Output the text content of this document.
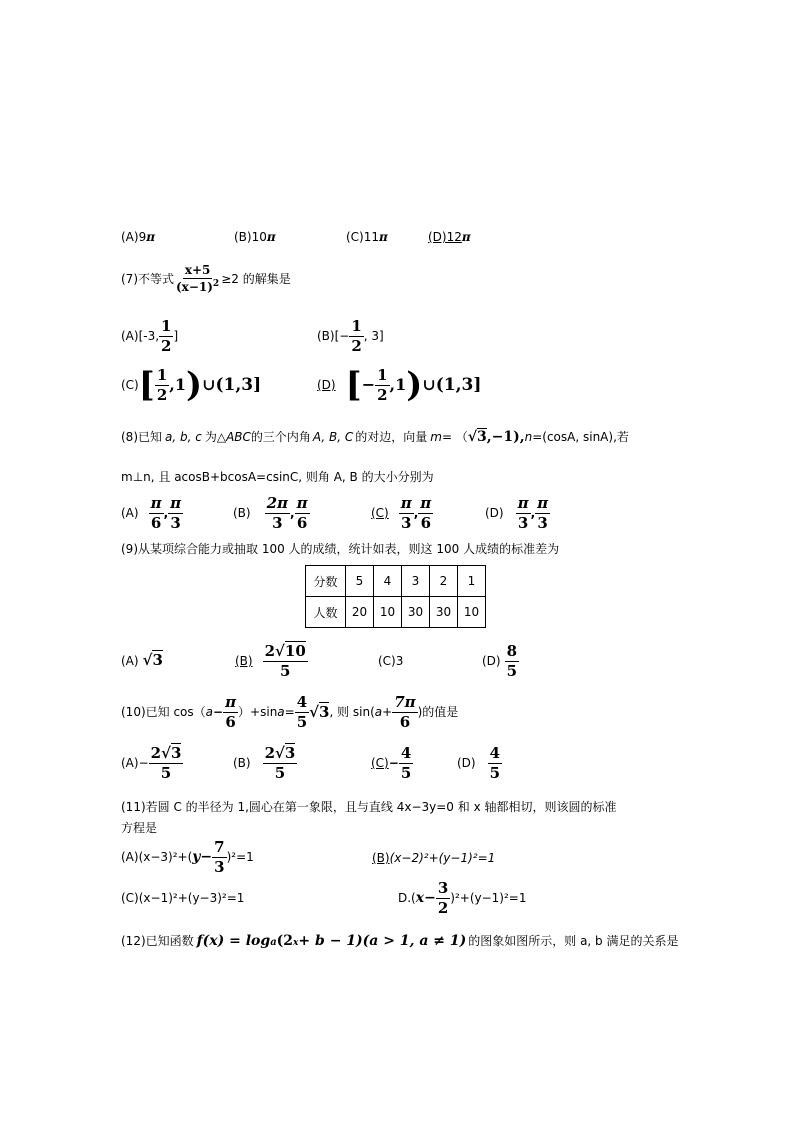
(A)9π	(B)10π	(C)11π	(D)12π
(7)不等式 $\frac{x+5}{(x-1)^2} \ge 2$ 的解集是
(A)[-3, $\frac{1}{2}$ ]	$(B)[- \frac{1}{2}$ , 3]
(C) [ $\frac{1}{2} ,1$ ) ∪ (1,3]	(D) [ − $\frac{1}{2} ,1$ ) ∪ (1,3]
(8)已知 a, b, c 为△ ABC 的三个内角 A, B, C 的对边，向量 m = （ √3 ,−1), n =(cosA, sinA),若
m⊥n, 且 acosB+bcosA=csinC, 则角 A, B 的大小分别为
$(A) \frac{\pi}{6}$ , $\frac{\pi}{3}$	$(B) \frac{2\pi}{3}$ , $\frac{\pi}{6}$	$(C) \frac{\pi}{3}$ , $\frac{\pi}{6}$	$(D) \frac{\pi}{3}$ , $\frac{\pi}{3}$
(9)从某项综合能力或抽取 100 人的成绩，统计如表，则这 100 人成绩的标准差为
分数	5	4	3	2	1
人数	20	10	30	30	10
(A) √3	$(B) \frac{2√10}{5}$	(C)3	$(D) \frac{8}{5}$
(10)已知 cos（ $a - \frac{\pi}{6} )+\sin$ $a = \frac{4}{5} √3$ , 则 sin( $a + \frac{7\pi}{6}$ )的值是
$(A)- \frac{2√3}{5}$	$(B) \frac{2√3}{5}$	$(C) - \frac{4}{5}$	$(D) \frac{4}{5}$
(11)若圆 C 的半径为 1,圆心在第一象限，且与直线 4x−3y=0 和 x 轴都相切，则该圆的标准
方程是
(A)(x−3)²+( $y- \frac{7}{3} )^2=1$	(B)(x−2)²+(y−1)²=1
(C)(x−1)²+(y−3)²=1	D.( $x- \frac{3}{2} )^2+(y-1)^2=1$
(12)已知函数 f(x) = log a $(2_x + b - 1)(a > 1$, a ≠ 1) 的图象如图所示，则 a, b 满足的关系是
